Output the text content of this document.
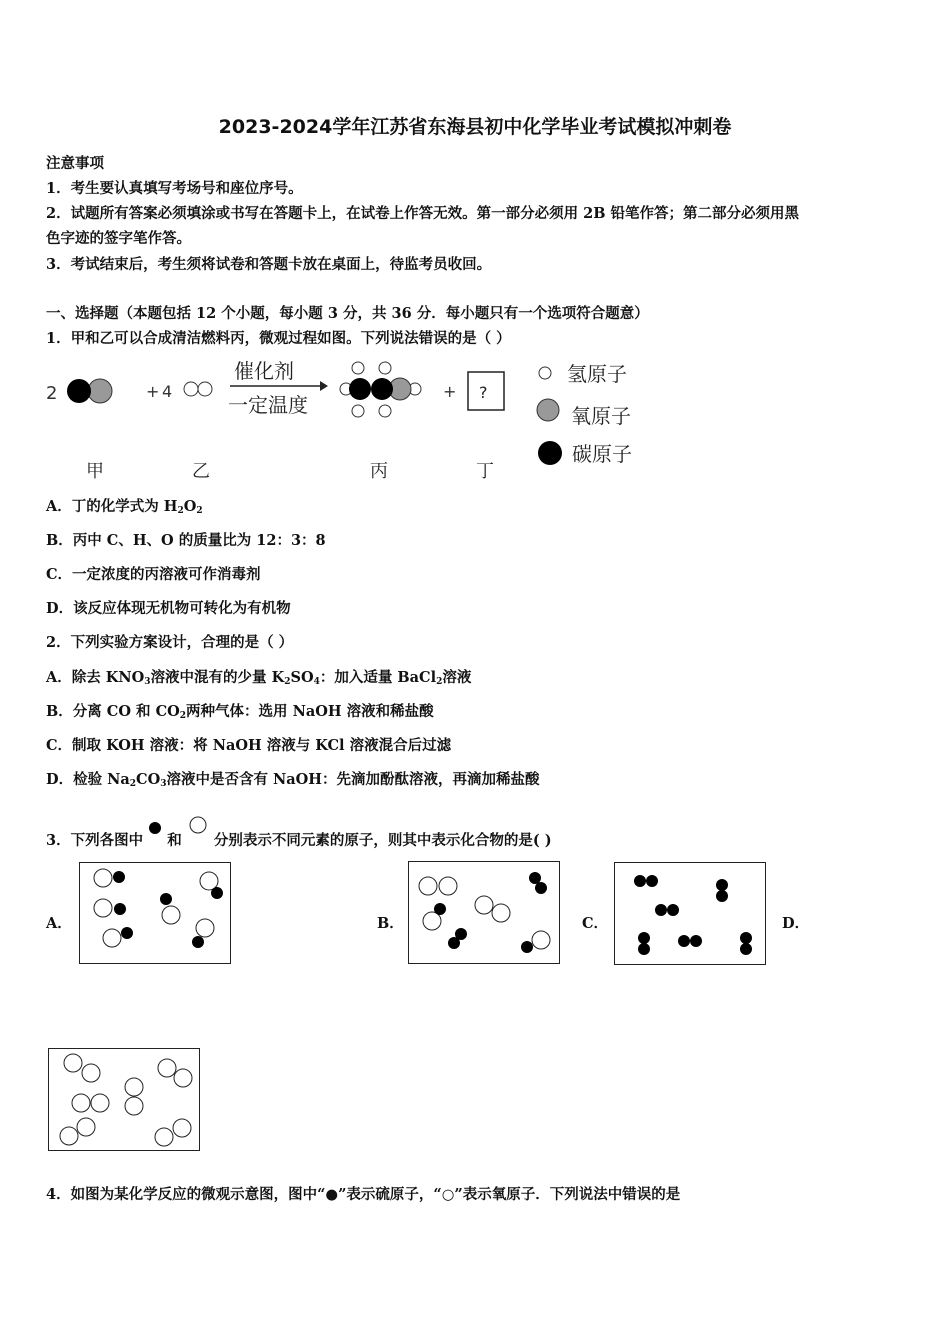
2023-2024学年江苏省东海县初中化学毕业考试模拟冲刺卷
注意事项
1．考生要认真填写考场号和座位序号。
2．试题所有答案必须填涂或书写在答题卡上，在试卷上作答无效。第一部分必须用 2B 铅笔作答；第二部分必须用黑
色字迹的签字笔作答。
3．考试结束后，考生须将试卷和答题卡放在桌面上，待监考员收回。
一、选择题（本题包括 12 个小题，每小题 3 分，共 36 分．每小题只有一个选项符合题意）
1．甲和乙可以合成清洁燃料丙，微观过程如图。下列说法错误的是（ ）
2	+ 4
催化剂
一定温度
+ ?
氢原子
氧原子
碳原子
甲	乙	丙	丁
A．丁的化学式为 $H_2O_2$
B．丙中 C、H、O 的质量比为 12：3：8
C．一定浓度的丙溶液可作消毒剂
D．该反应体现无机物可转化为有机物
2．下列实验方案设计，合理的是（ ）
A．除去 $KNO_3$溶液中混有的少量 $K_2SO_4$：加入适量 BaCl$_2$溶液
B．分离 CO 和 $CO_2$两种气体：选用 NaOH 溶液和稀盐酸
C．制取 KOH 溶液：将 NaOH 溶液与 KCl 溶液混合后过滤
D．检验 $Na_2CO_3$溶液中是否含有 NaOH：先滴加酚酞溶液，再滴加稀盐酸
3．下列各图中 和 分别表示不同元素的原子，则其中表示化合物的是( )
A．	B．	C．	D．
4．如图为某化学反应的微观示意图，图中“●”表示硫原子，“○”表示氧原子．下列说法中错误的是
